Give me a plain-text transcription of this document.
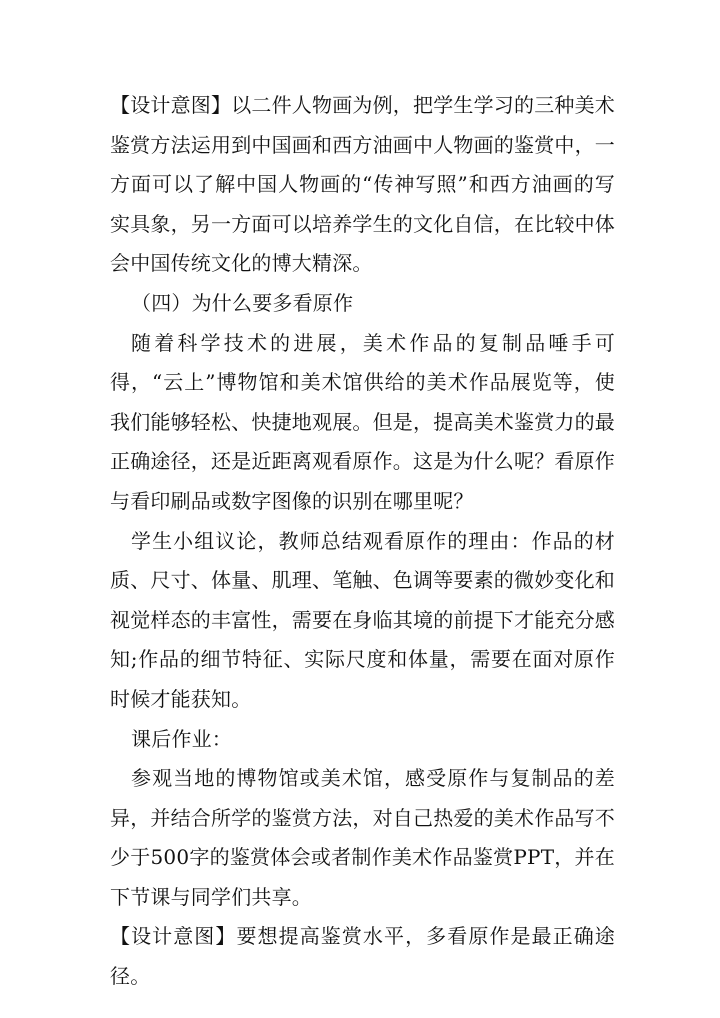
【设计意图】以二件人物画为例，把学生学习的三种美术鉴赏方法运用到中国画和西方油画中人物画的鉴赏中，一方面可以了解中国人物画的“传神写照”和西方油画的写实具象，另一方面可以培养学生的文化自信，在比较中体会中国传统文化的博大精深。

（四）为什么要多看原作

随着科学技术的进展，美术作品的复制品唾手可得，“云上”博物馆和美术馆供给的美术作品展览等，使我们能够轻松、快捷地观展。但是，提高美术鉴赏力的最正确途径，还是近距离观看原作。这是为什么呢？看原作与看印刷品或数字图像的识别在哪里呢？

学生小组议论，教师总结观看原作的理由：作品的材质、尺寸、体量、肌理、笔触、色调等要素的微妙变化和视觉样态的丰富性，需要在身临其境的前提下才能充分感知;作品的细节特征、实际尺度和体量，需要在面对原作时候才能获知。

课后作业：

参观当地的博物馆或美术馆，感受原作与复制品的差异，并结合所学的鉴赏方法，对自己热爱的美术作品写不少于500字的鉴赏体会或者制作美术作品鉴赏PPT，并在下节课与同学们共享。

【设计意图】要想提高鉴赏水平，多看原作是最正确途径。
